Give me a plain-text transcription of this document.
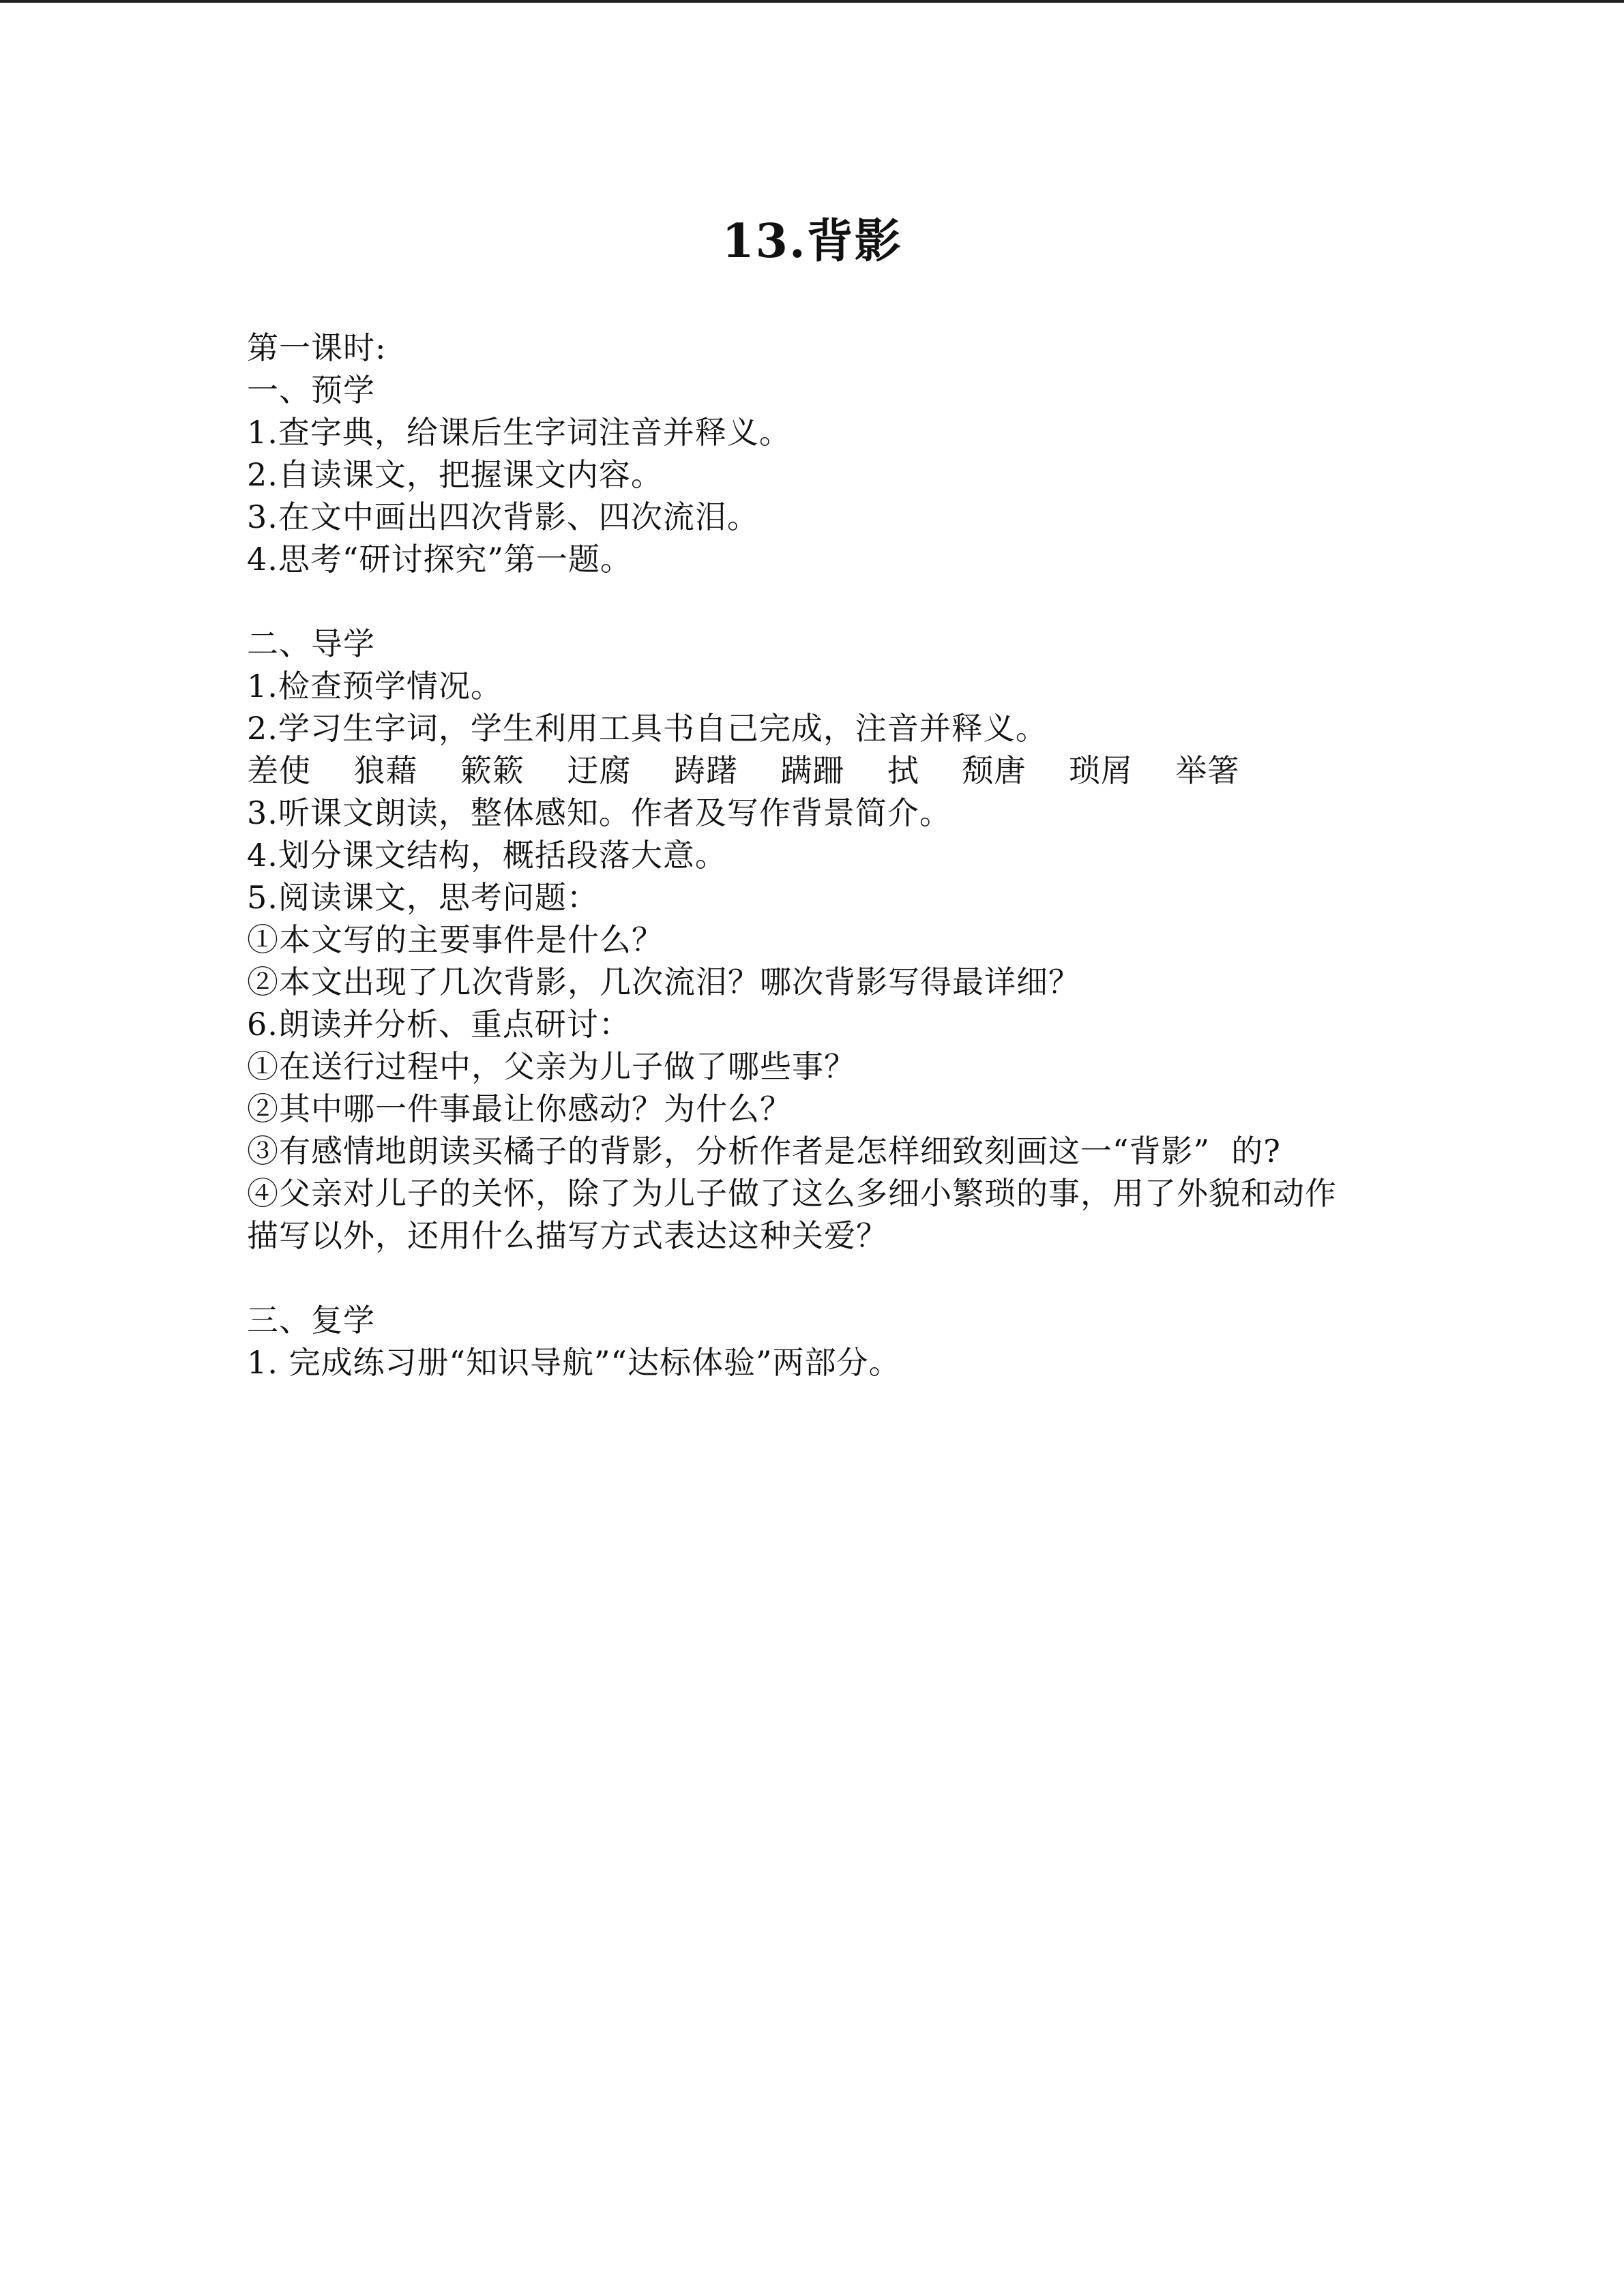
13.背影
第一课时:
一、预学
1.查字典，给课后生字词注音并释义。
2.自读课文，把握课文内容。
3.在文中画出四次背影、四次流泪。
4.思考“研讨探究”第一题。
二、导学
1.检查预学情况。
2.学习生字词，学生利用工具书自己完成，注音并释义。
差使    狼藉    簌簌    迂腐    踌躇    蹒跚    拭    颓唐    琐屑    举箸
3.听课文朗读，整体感知。作者及写作背景简介。
4.划分课文结构，概括段落大意。
5.阅读课文，思考问题：
①本文写的主要事件是什么？
②本文出现了几次背影，几次流泪？哪次背影写得最详细？
6.朗读并分析、重点研讨：
①在送行过程中，父亲为儿子做了哪些事？
②其中哪一件事最让你感动？为什么？
③有感情地朗读买橘子的背影，分析作者是怎样细致刻画这一“背影”  的?
④父亲对儿子的关怀，除了为儿子做了这么多细小繁琐的事，用了外貌和动作
描写以外，还用什么描写方式表达这种关爱？
三、复学
1. 完成练习册“知识导航”“达标体验”两部分。
